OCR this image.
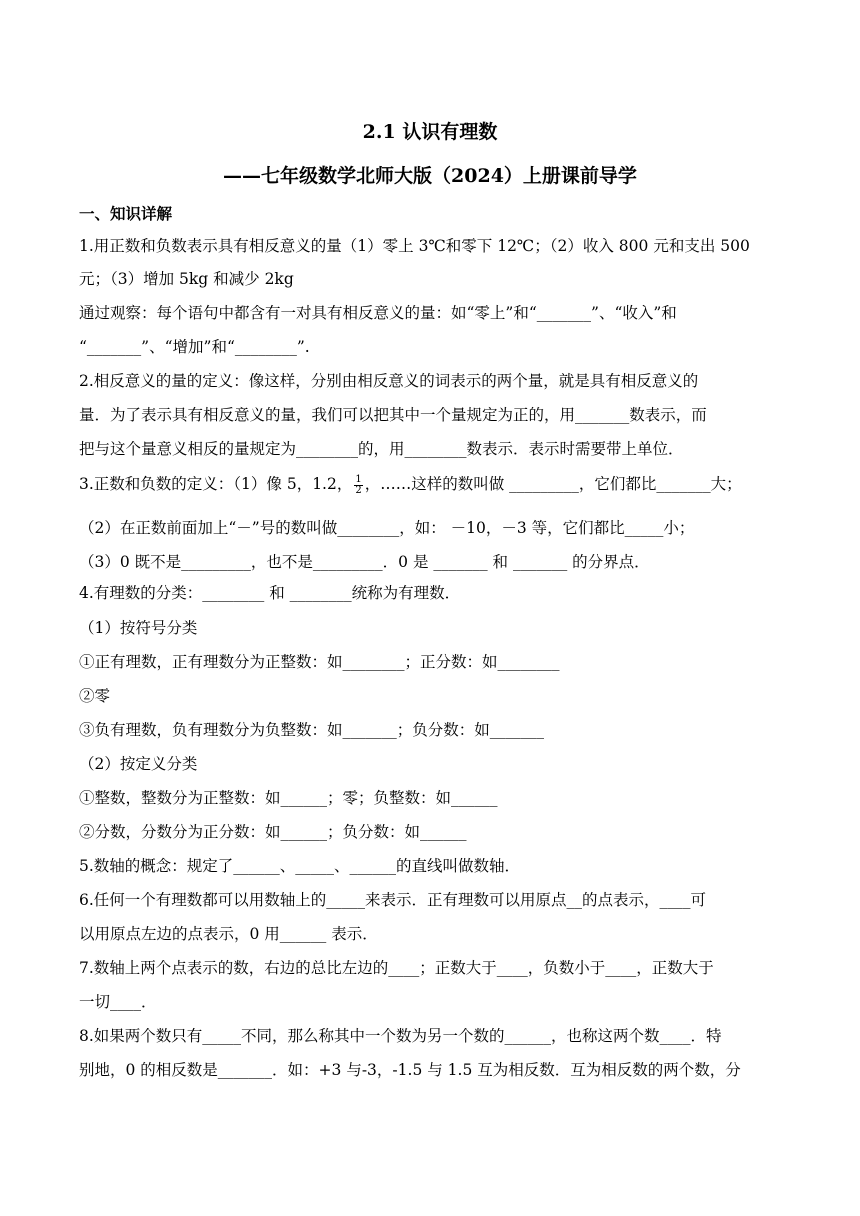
2.1 认识有理数
——七年级数学北师大版（2024）上册课前导学
一、知识详解
1.用正数和负数表示具有相反意义的量（1）零上 3℃和零下 12℃；（2）收入 800 元和支出 500
元；（3）增加 5kg 和减少 2kg
通过观察：每个语句中都含有一对具有相反意义的量：如“零上”和“_______”、“收入”和
“_______”、“增加”和“________”.
2.相反意义的量的定义：像这样，分别由相反意义的词表示的两个量，就是具有相反意义的
量．为了表示具有相反意义的量，我们可以把其中一个量规定为正的，用_______数表示，而
把与这个量意义相反的量规定为________的，用________数表示．表示时需要带上单位．
3.正数和负数的定义：（1）像 5，1.2， $\frac{1}{2}$ ，……这样的数叫做 _________，它们都比_______大；
（2）在正数前面加上“－”号的数叫做________，如： －10，－3 等，它们都比_____小；
（3）0 既不是_________，也不是_________．0 是 _______ 和 _______ 的分界点．
4.有理数的分类：________ 和 ________统称为有理数．
（1）按符号分类
①正有理数，正有理数分为正整数：如________；正分数：如________
②零
③负有理数，负有理数分为负整数：如_______；负分数：如_______
（2）按定义分类
①整数，整数分为正整数：如______；零；负整数：如______
②分数，分数分为正分数：如______；负分数：如______
5.数轴的概念：规定了______、_____、______的直线叫做数轴．
6.任何一个有理数都可以用数轴上的_____来表示．正有理数可以用原点__的点表示，____可
以用原点左边的点表示，0 用______ 表示．
7.数轴上两个点表示的数，右边的总比左边的____；正数大于____，负数小于____，正数大于
一切____．
8.如果两个数只有_____不同，那么称其中一个数为另一个数的______，也称这两个数____．特
别地，0 的相反数是_______．如：+3 与-3，-1.5 与 1.5 互为相反数．互为相反数的两个数，分
